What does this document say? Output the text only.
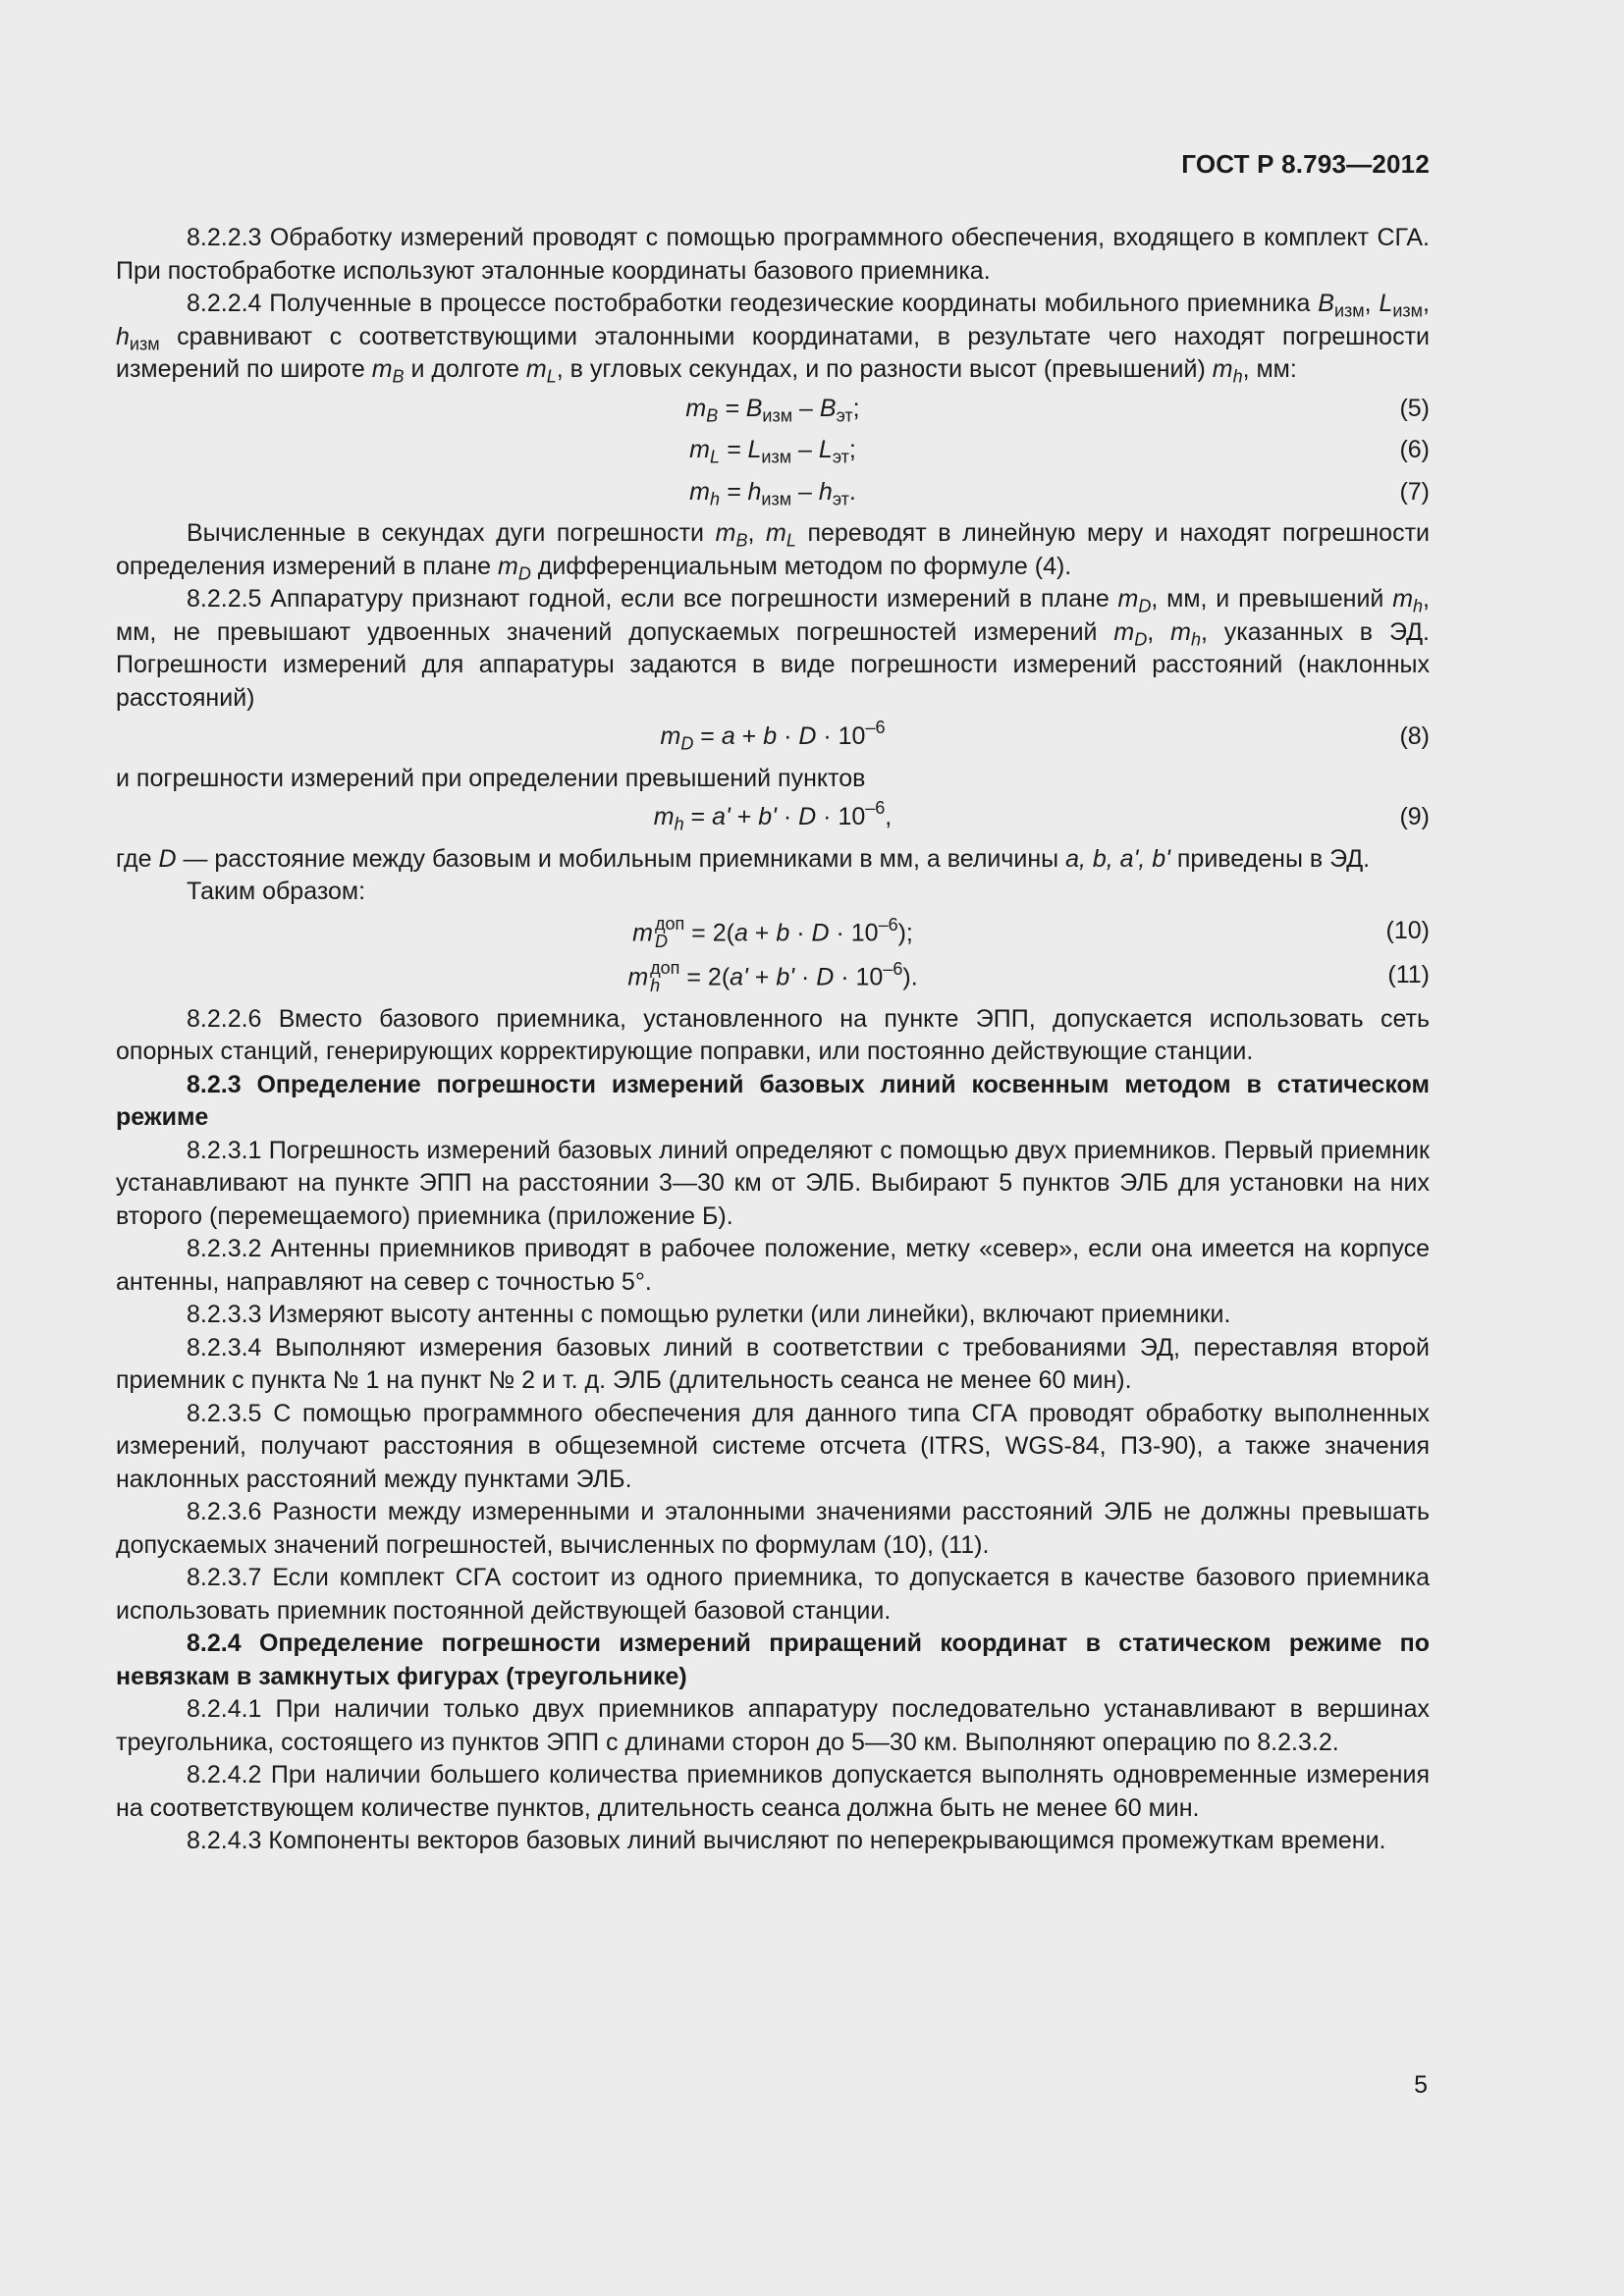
ГОСТ Р 8.793—2012

8.2.2.3 Обработку измерений проводят с помощью программного обеспечения, входящего в комплект СГА. При постобработке используют эталонные координаты базового приемника.

8.2.2.4 Полученные в процессе постобработки геодезические координаты мобильного приемника $B_{изм}$, $L_{изм}$, $h_{изм}$ сравнивают с соответствующими эталонными координатами, в результате чего находят погрешности измерений по широте $m_B$ и долготе $m_L$, в угловых секундах, и по разности высот (превышений) $m_h$, мм:

$m_B = B_{изм} - B_{эт}$;	(5)
$m_L = L_{изм} - L_{эт}$;	(6)
$m_h = h_{изм} - h_{эт}$.	(7)

Вычисленные в секундах дуги погрешности $m_B$, $m_L$ переводят в линейную меру и находят погрешности определения измерений в плане $m_D$ дифференциальным методом по формуле (4).

8.2.2.5 Аппаратуру признают годной, если все погрешности измерений в плане $m_D$, мм, и превышений $m_h$, мм, не превышают удвоенных значений допускаемых погрешностей измерений $m_D$, $m_h$, указанных в ЭД. Погрешности измерений для аппаратуры задаются в виде погрешности измерений расстояний (наклонных расстояний)

$m_D = a + b \cdot D \cdot 10^{-6}$	(8)

и погрешности измерений при определении превышений пунктов

$m_h = a' + b' \cdot D \cdot 10^{-6}$,	(9)

где D — расстояние между базовым и мобильным приемниками в мм, а величины a, b, a', b' приведены в ЭД.

Таким образом:

m доп
$D = 2(a + b \cdot D \cdot 10^{-6})$;	(10)
m доп
$h = 2(a' + b' \cdot D \cdot 10^{-6})$.	(11)

8.2.2.6 Вместо базового приемника, установленного на пункте ЭПП, допускается использовать сеть опорных станций, генерирующих корректирующие поправки, или постоянно действующие станции.

8.2.3 Определение погрешности измерений базовых линий косвенным методом в статическом режиме

8.2.3.1 Погрешность измерений базовых линий определяют с помощью двух приемников. Первый приемник устанавливают на пункте ЭПП на расстоянии 3—30 км от ЭЛБ. Выбирают 5 пунктов ЭЛБ для установки на них второго (перемещаемого) приемника (приложение Б).

8.2.3.2 Антенны приемников приводят в рабочее положение, метку «север», если она имеется на корпусе антенны, направляют на север с точностью 5°.

8.2.3.3 Измеряют высоту антенны с помощью рулетки (или линейки), включают приемники.

8.2.3.4 Выполняют измерения базовых линий в соответствии с требованиями ЭД, переставляя второй приемник с пункта № 1 на пункт № 2 и т. д. ЭЛБ (длительность сеанса не менее 60 мин).

8.2.3.5 С помощью программного обеспечения для данного типа СГА проводят обработку выполненных измерений, получают расстояния в общеземной системе отсчета (ITRS, WGS-84, ПЗ-90), а также значения наклонных расстояний между пунктами ЭЛБ.

8.2.3.6 Разности между измеренными и эталонными значениями расстояний ЭЛБ не должны превышать допускаемых значений погрешностей, вычисленных по формулам (10), (11).

8.2.3.7 Если комплект СГА состоит из одного приемника, то допускается в качестве базового приемника использовать приемник постоянной действующей базовой станции.

8.2.4 Определение погрешности измерений приращений координат в статическом режиме по невязкам в замкнутых фигурах (треугольнике)

8.2.4.1 При наличии только двух приемников аппаратуру последовательно устанавливают в вершинах треугольника, состоящего из пунктов ЭПП с длинами сторон до 5—30 км. Выполняют операцию по 8.2.3.2.

8.2.4.2 При наличии большего количества приемников допускается выполнять одновременные измерения на соответствующем количестве пунктов, длительность сеанса должна быть не менее 60 мин.

8.2.4.3 Компоненты векторов базовых линий вычисляют по неперекрывающимся промежуткам времени.

5
